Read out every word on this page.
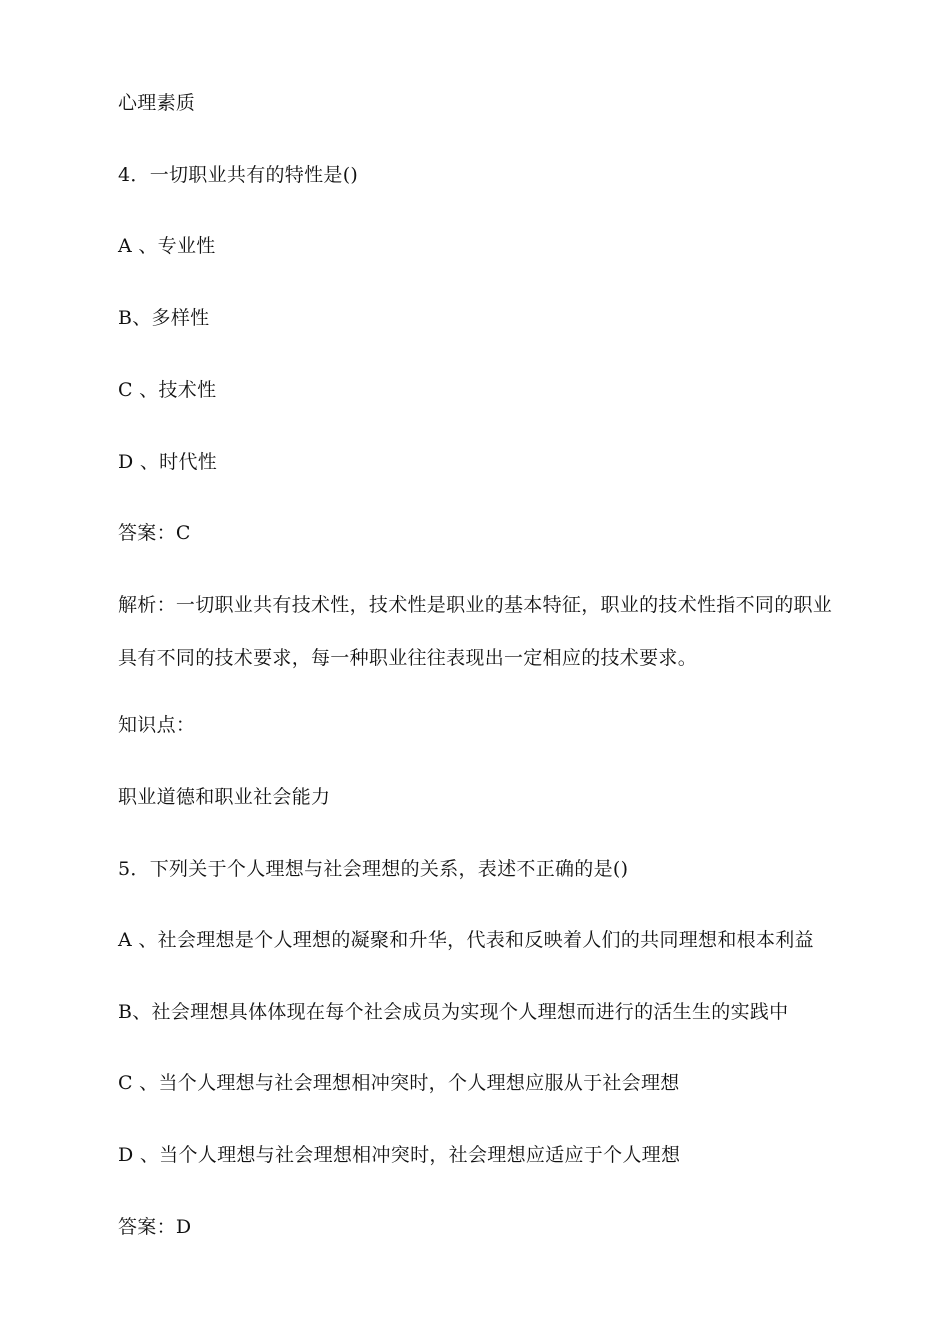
心理素质
4．一切职业共有的特性是()
A 、专业性
B、多样性
C 、技术性
D 、时代性
答案：C
解析：一切职业共有技术性，技术性是职业的基本特征，职业的技术性指不同的职业
具有不同的技术要求，每一种职业往往表现出一定相应的技术要求。
知识点：
职业道德和职业社会能力
5．下列关于个人理想与社会理想的关系，表述不正确的是()
A 、社会理想是个人理想的凝聚和升华，代表和反映着人们的共同理想和根本利益
B、社会理想具体体现在每个社会成员为实现个人理想而进行的活生生的实践中
C 、当个人理想与社会理想相冲突时，个人理想应服从于社会理想
D 、当个人理想与社会理想相冲突时，社会理想应适应于个人理想
答案：D
